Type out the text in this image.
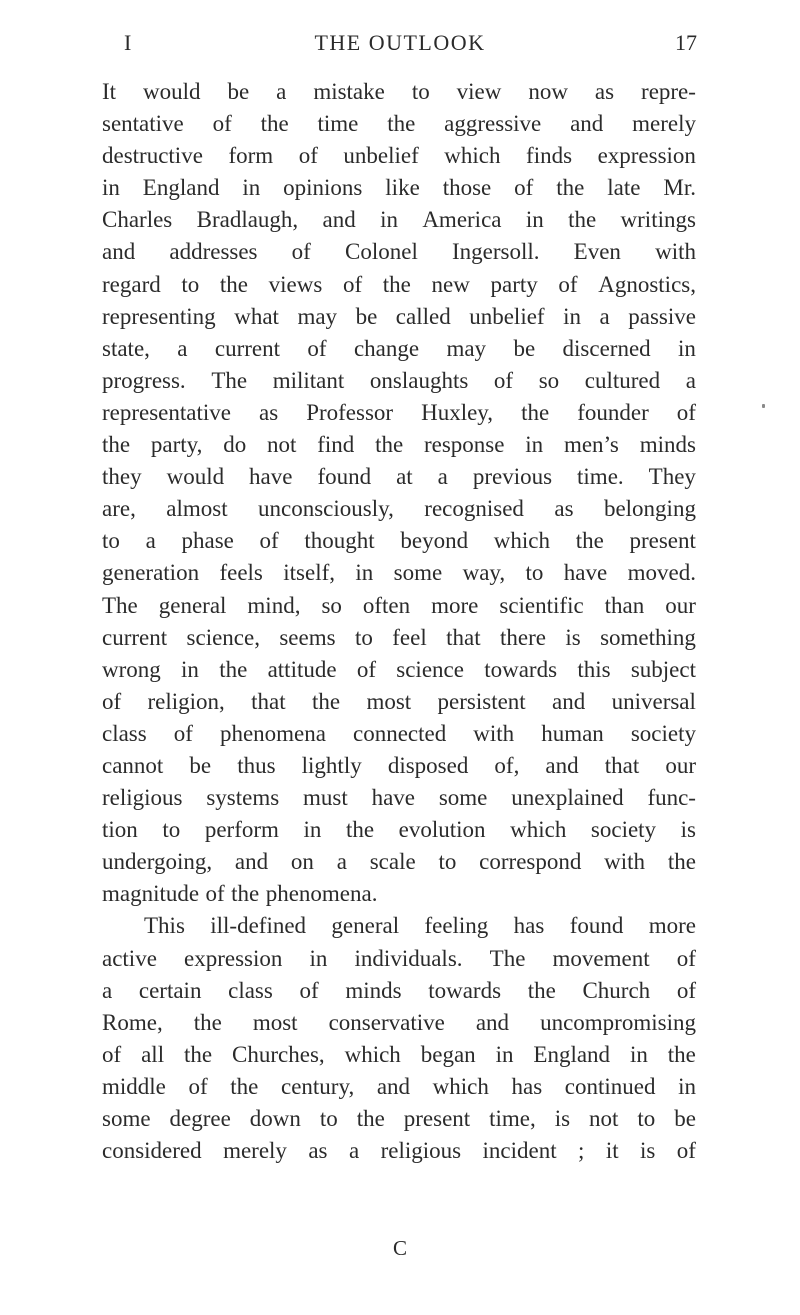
I	THE OUTLOOK	17
It would be a mistake to view now as repre-
sentative of the time the aggressive and merely
destructive form of unbelief which finds expression
in England in opinions like those of the late Mr.
Charles Bradlaugh, and in America in the writings
and addresses of Colonel Ingersoll. Even with
regard to the views of the new party of Agnostics,
representing what may be called unbelief in a passive
state, a current of change may be discerned in
progress. The militant onslaughts of so cultured a
representative as Professor Huxley, the founder of
the party, do not find the response in men’s minds
they would have found at a previous time. They
are, almost unconsciously, recognised as belonging
to a phase of thought beyond which the present
generation feels itself, in some way, to have moved.
The general mind, so often more scientific than our
current science, seems to feel that there is something
wrong in the attitude of science towards this subject
of religion, that the most persistent and universal
class of phenomena connected with human society
cannot be thus lightly disposed of, and that our
religious systems must have some unexplained func-
tion to perform in the evolution which society is
undergoing, and on a scale to correspond with the
magnitude of the phenomena.
This ill-defined general feeling has found more
active expression in individuals. The movement of
a certain class of minds towards the Church of
Rome, the most conservative and uncompromising
of all the Churches, which began in England in the
middle of the century, and which has continued in
some degree down to the present time, is not to be
considered merely as a religious incident ; it is of
C
